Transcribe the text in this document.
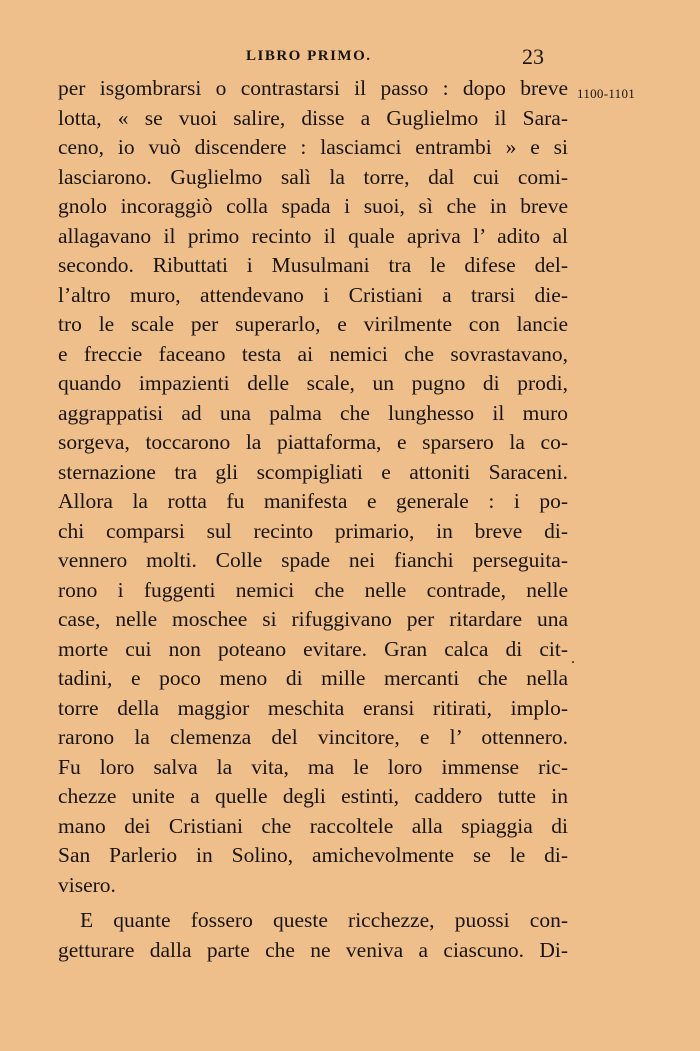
LIBRO PRIMO.	23
1100-1101
.
per isgombrarsi o contrastarsi il passo : dopo breve
lotta, « se vuoi salire, disse a Guglielmo il Sara-
ceno, io vuò discendere : lasciamci entrambi » e si
lasciarono. Guglielmo salì la torre, dal cui comi-
gnolo incoraggiò colla spada i suoi, sì che in breve
allagavano il primo recinto il quale apriva l’ adito al
secondo. Ributtati i Musulmani tra le difese del-
l’altro muro, attendevano i Cristiani a trarsi die-
tro le scale per superarlo, e virilmente con lancie
e freccie faceano testa ai nemici che sovrastavano,
quando impazienti delle scale, un pugno di prodi,
aggrappatisi ad una palma che lunghesso il muro
sorgeva, toccarono la piattaforma, e sparsero la co-
sternazione tra gli scompigliati e attoniti Saraceni.
Allora la rotta fu manifesta e generale : i po-
chi comparsi sul recinto primario, in breve di-
vennero molti. Colle spade nei fianchi perseguita-
rono i fuggenti nemici che nelle contrade, nelle
case, nelle moschee si rifuggivano per ritardare una
morte cui non poteano evitare. Gran calca di cit-
tadini, e poco meno di mille mercanti che nella
torre della maggior meschita eransi ritirati, implo-
rarono la clemenza del vincitore, e l’ ottennero.
Fu loro salva la vita, ma le loro immense ric-
chezze unite a quelle degli estinti, caddero tutte in
mano dei Cristiani che raccoltele alla spiaggia di
San Parlerio in Solino, amichevolmente se le di-
visero.
E quante fossero queste ricchezze, puossi con-
getturare dalla parte che ne veniva a ciascuno. Di-
